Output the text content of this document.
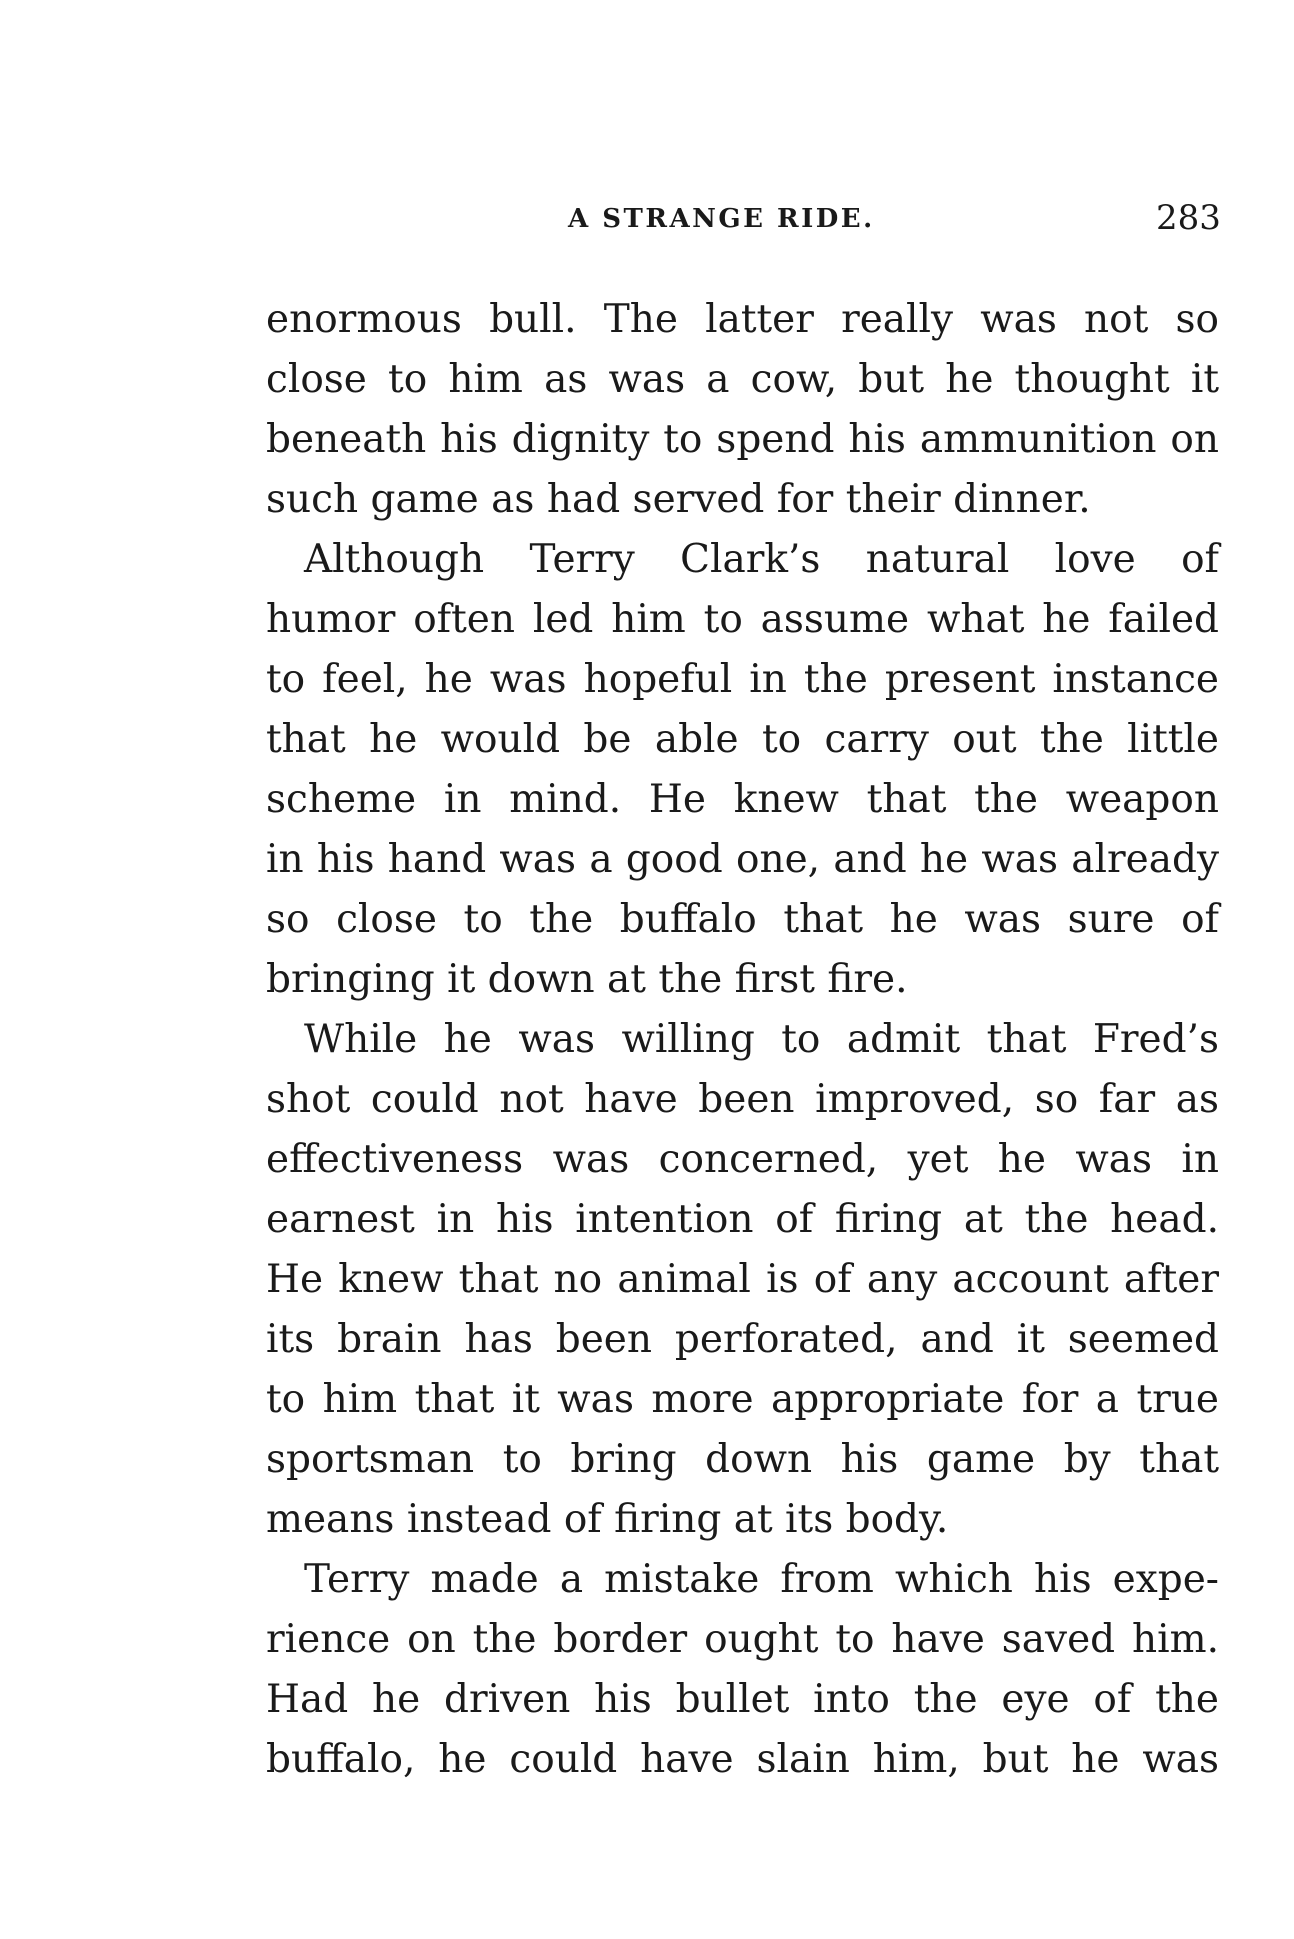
A STRANGE RIDE.	283
enormous bull. The latter really was not so
close to him as was a cow, but he thought it
beneath his dignity to spend his ammunition on
such game as had served for their dinner.
Although Terry Clark’s natural love of
humor often led him to assume what he failed
to feel, he was hopeful in the present instance
that he would be able to carry out the little
scheme in mind. He knew that the weapon
in his hand was a good one, and he was already
so close to the buffalo that he was sure of
bringing it down at the first fire.
While he was willing to admit that Fred’s
shot could not have been improved, so far as
effectiveness was concerned, yet he was in
earnest in his intention of firing at the head.
He knew that no animal is of any account after
its brain has been perforated, and it seemed
to him that it was more appropriate for a true
sportsman to bring down his game by that
means instead of firing at its body.
Terry made a mistake from which his expe-
rience on the border ought to have saved him.
Had he driven his bullet into the eye of the
buffalo, he could have slain him, but he was
